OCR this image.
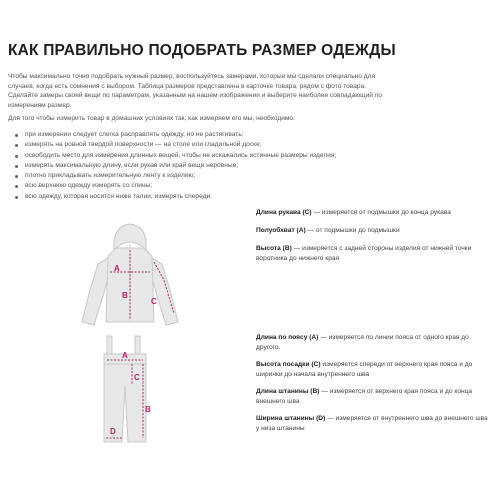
КАК ПРАВИЛЬНО ПОДОБРАТЬ РАЗМЕР ОДЕЖДЫ

Чтобы максимально точно подобрать нужный размер, воспользуйтесь замерами, которые мы сделали специально для случаев, когда есть сомнения с выбором. Таблица размеров представлена в карточке товара, рядом с фото товара. Сделайте замеры своей вещи по параметрам, указанным на нашем изображении и выберите наиболее совпадающий по измерениям размер.

Для того чтобы измерить товар в домашних условиях так, как измеряем его мы, необходимо:

при измерении следует слегка расправлять одежду, но не растягивать;
измерять на ровной твердой поверхности — на столе или гладильной доске;
освободить место для измерения длинных вещей, чтобы не искажались истинные размеры изделия;
измерять максимальную длину, если рукав или край вещи неровные;
плотно прикладывать измерительную ленту к изделию;
всю верхнюю одежду измерять со спины;
всю одежду, которая носится ниже талии, измерять спереди.
A
B
C

Длина рукава (С) — измеряется от подмышки до конца рукава

Полуобхват (А) — от подмышки до подмышки

Высота (В) — измеряется с задней стороны изделия от нижней точки воротника до нижнего края

A
C
B
D

Длина по поясу (А) — измеряется по линии пояса от одного края до другого.

Высота посадки (С) измеряется спереди от верхнего края пояса и до ширинки до начала внутреннего шва

Длина штанины (В) — измеряется от верхнего края пояса и до конца внешнего шва

Ширина штанины (D) — измеряется от внутреннего шва до внешнего шва у низа штанины
